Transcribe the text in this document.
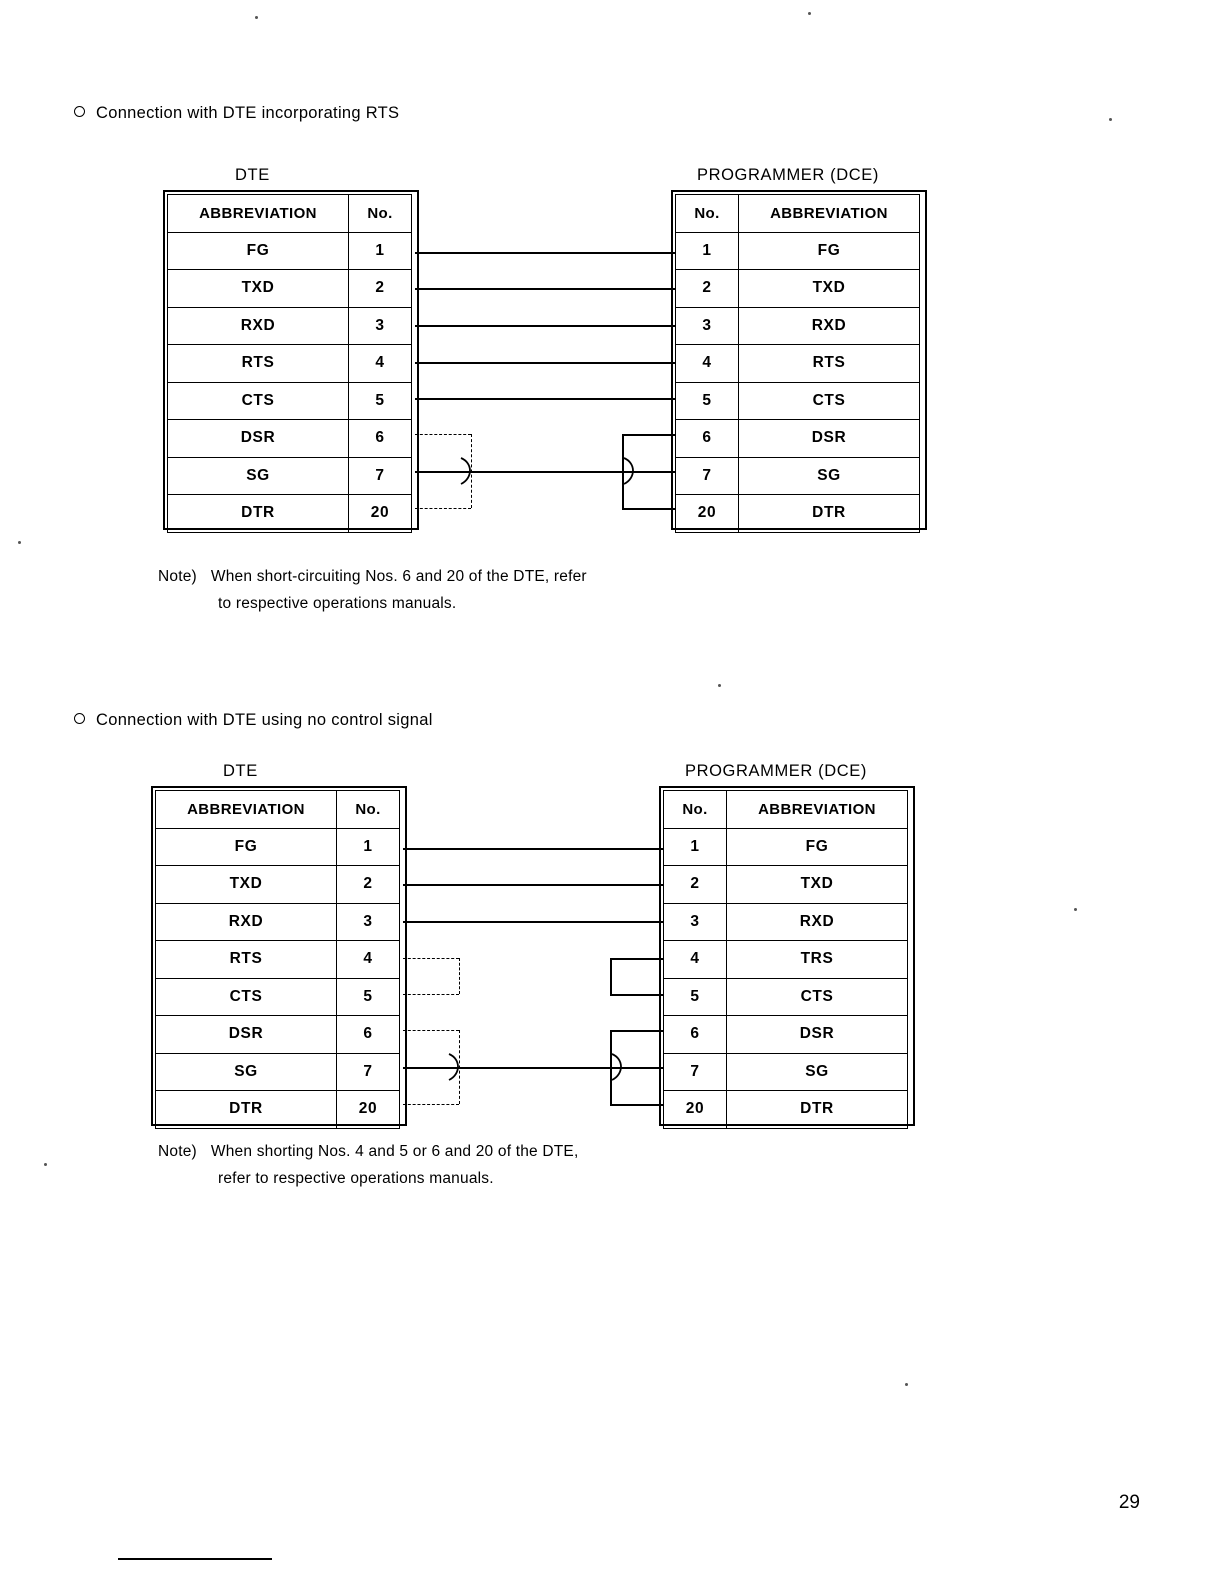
Connection with DTE incorporating RTS
DTE	PROGRAMMER (DCE)
ABBREVIATION	No.
FG	1
TXD	2
RXD	3
RTS	4
CTS	5
DSR	6
SG	7
DTR	20
No.	ABBREVIATION
1	FG
2	TXD
3	RXD
4	RTS
5	CTS
6	DSR
7	SG
20	DTR
Note) When short-circuiting Nos. 6 and 20 of the DTE, refer
to respective operations manuals.
Connection with DTE using no control signal
DTE	PROGRAMMER (DCE)
ABBREVIATION	No.
FG	1
TXD	2
RXD	3
RTS	4
CTS	5
DSR	6
SG	7
DTR	20
No.	ABBREVIATION
1	FG
2	TXD
3	RXD
4	TRS
5	CTS
6	DSR
7	SG
20	DTR
Note) When shorting Nos. 4 and 5 or 6 and 20 of the DTE,
refer to respective operations manuals.
29
